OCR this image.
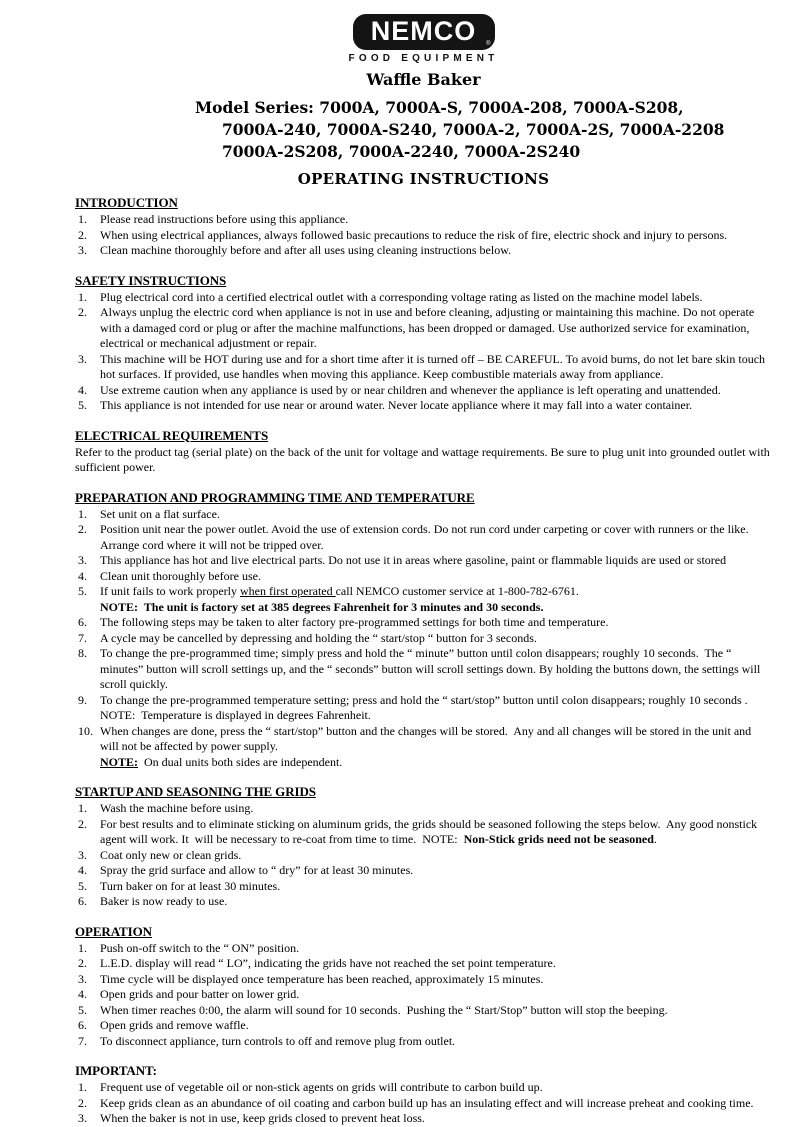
NEMCO ®
FOOD EQUIPMENT
Waffle Baker
Model Series: 7000A, 7000A-S, 7000A-208, 7000A-S208,
7000A-240, 7000A-S240, 7000A-2, 7000A-2S, 7000A-2208
7000A-2S208, 7000A-2240, 7000A-2S240
OPERATING INSTRUCTIONS
INTRODUCTION
1.	Please read instructions before using this appliance.
2.	When using electrical appliances, always followed basic precautions to reduce the risk of fire, electric shock and injury to persons.
3.	Clean machine thoroughly before and after all uses using cleaning instructions below.
SAFETY INSTRUCTIONS
1.	Plug electrical cord into a certified electrical outlet with a corresponding voltage rating as listed on the machine model labels.
2.	Always unplug the electric cord when appliance is not in use and before cleaning, adjusting or maintaining this machine. Do not operate with a damaged cord or plug or after the machine malfunctions, has been dropped or damaged. Use authorized service for examination, electrical or mechanical adjustment or repair.
3.	This machine will be HOT during use and for a short time after it is turned off – BE CAREFUL. To avoid burns, do not let bare skin touch hot surfaces. If provided, use handles when moving this appliance. Keep combustible materials away from appliance.
4.	Use extreme caution when any appliance is used by or near children and whenever the appliance is left operating and unattended.
5.	This appliance is not intended for use near or around water. Never locate appliance where it may fall into a water container.
ELECTRICAL REQUIREMENTS
Refer to the product tag (serial plate) on the back of the unit for voltage and wattage requirements. Be sure to plug unit into grounded outlet with sufficient power.
PREPARATION AND PROGRAMMING TIME AND TEMPERATURE
1.	Set unit on a flat surface.
2.	Position unit near the power outlet. Avoid the use of extension cords. Do not run cord under carpeting or cover with runners or the like. Arrange cord where it will not be tripped over.
3.	This appliance has hot and live electrical parts. Do not use it in areas where gasoline, paint or flammable liquids are used or stored
4.	Clean unit thoroughly before use.
5.	If unit fails to work properly when first operated call NEMCO customer service at 1-800-782-6761.
NOTE:  The unit is factory set at 385 degrees Fahrenheit for 3 minutes and 30 seconds.
6.	The following steps may be taken to alter factory pre-programmed settings for both time and temperature.
7.	A cycle may be cancelled by depressing and holding the “ start/stop “ button for 3 seconds.
8.	To change the pre-programmed time; simply press and hold the “ minute” button until colon disappears; roughly 10 seconds.  The “ minutes” button will scroll settings up, and the “ seconds” button will scroll settings down. By holding the buttons down, the settings will scroll quickly.
9.	To change the pre-programmed temperature setting; press and hold the “ start/stop” button until colon disappears; roughly 10 seconds .  NOTE:  Temperature is displayed in degrees Fahrenheit.
10. When changes are done, press the “ start/stop” button and the changes will be stored.  Any and all changes will be stored in the unit and will not be affected by power supply.
NOTE:  On dual units both sides are independent.
STARTUP AND SEASONING THE GRIDS
1.	Wash the machine before using.
2.	For best results and to eliminate sticking on aluminum grids, the grids should be seasoned following the steps below.  Any good nonstick agent will work. It  will be necessary to re-coat from time to time.  NOTE:  Non-Stick grids need not be seasoned.
3.	Coat only new or clean grids.
4.	Spray the grid surface and allow to “ dry” for at least 30 minutes.
5.	Turn baker on for at least 30 minutes.
6.	Baker is now ready to use.
OPERATION
1.	Push on-off switch to the “ ON” position.
2.	L.E.D. display will read “ LO”, indicating the grids have not reached the set point temperature.
3.	Time cycle will be displayed once temperature has been reached, approximately 15 minutes.
4.	Open grids and pour batter on lower grid.
5.	When timer reaches 0:00, the alarm will sound for 10 seconds.  Pushing the “ Start/Stop” button will stop the beeping.
6.	Open grids and remove waffle.
7.	To disconnect appliance, turn controls to off and remove plug from outlet.
IMPORTANT:
1.	Frequent use of vegetable oil or non-stick agents on grids will contribute to carbon build up.
2.	Keep grids clean as an abundance of oil coating and carbon build up has an insulating effect and will increase preheat and cooking time.
3.	When the baker is not in use, keep grids closed to prevent heat loss.
